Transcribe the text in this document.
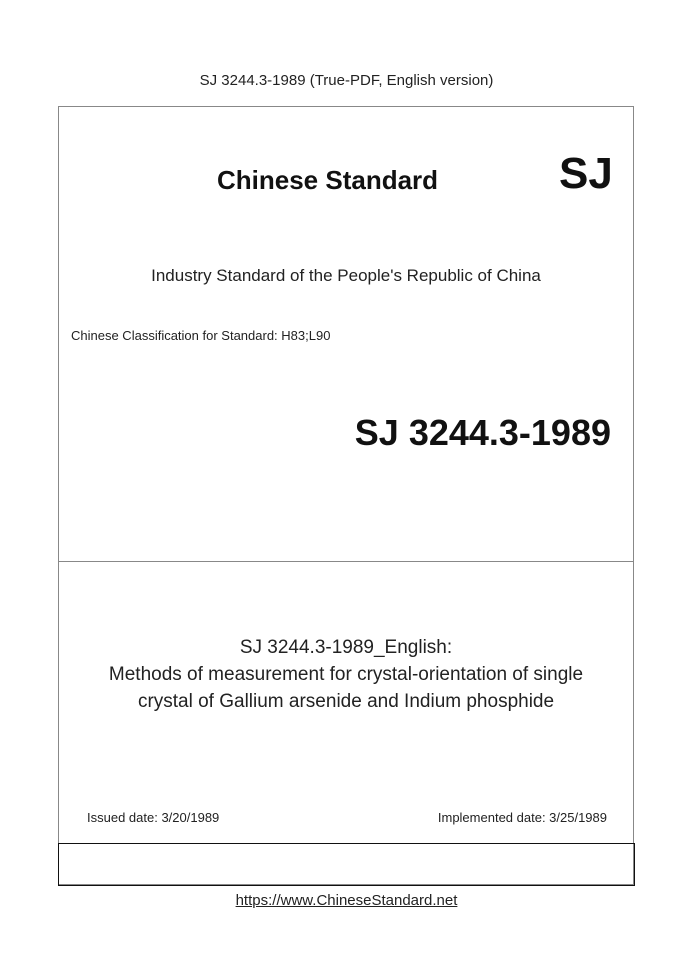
SJ 3244.3-1989 (True-PDF, English version)
Chinese Standard	SJ
Industry Standard of the People's Republic of China
Chinese Classification for Standard: H83;L90
SJ 3244.3-1989
SJ 3244.3-1989_English:
Methods of measurement for crystal-orientation of single
crystal of Gallium arsenide and Indium phosphide
Issued date: 3/20/1989	Implemented date: 3/25/1989
https://www.ChineseStandard.net
